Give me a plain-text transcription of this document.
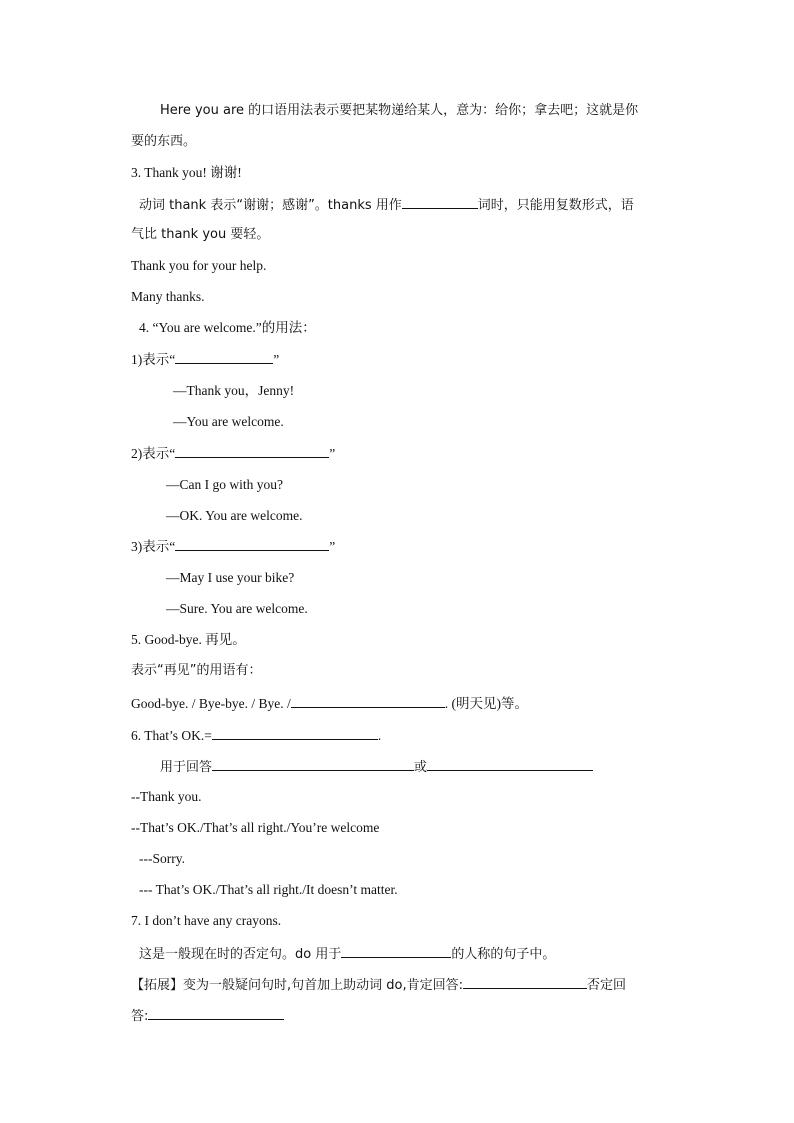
Here you are 的口语用法表示要把某物递给某人，意为：给你；拿去吧；这就是你
要的东西。
3. Thank you! 谢谢!
动词 thank 表示“谢谢；感谢”。thanks 用作	词时，只能用复数形式，语
气比 thank you 要轻。
Thank you for your help.
Many thanks.
4. “You are welcome.”的用法：
1)表示“	”
—Thank you，Jenny!
—You are welcome.
2)表示“	”
—Can I go with you?
—OK. You are welcome.
3)表示“	”
—May I use your bike?
—Sure. You are welcome.
5. Good-bye. 再见。
表示“再见”的用语有：
Good-bye. / Bye-bye. / Bye. /	. (明天见)等。
6. That’s OK.=	.
用于回答	或
--Thank you.
--That’s OK./That’s all right./You’re welcome
---Sorry.
--- That’s OK./That’s all right./It doesn’t matter.
7. I don’t have any crayons.
这是一般现在时的否定句。do 用于	的人称的句子中。
【拓展】变为一般疑问句时,句首加上助动词 do,肯定回答:	否定回
答:
